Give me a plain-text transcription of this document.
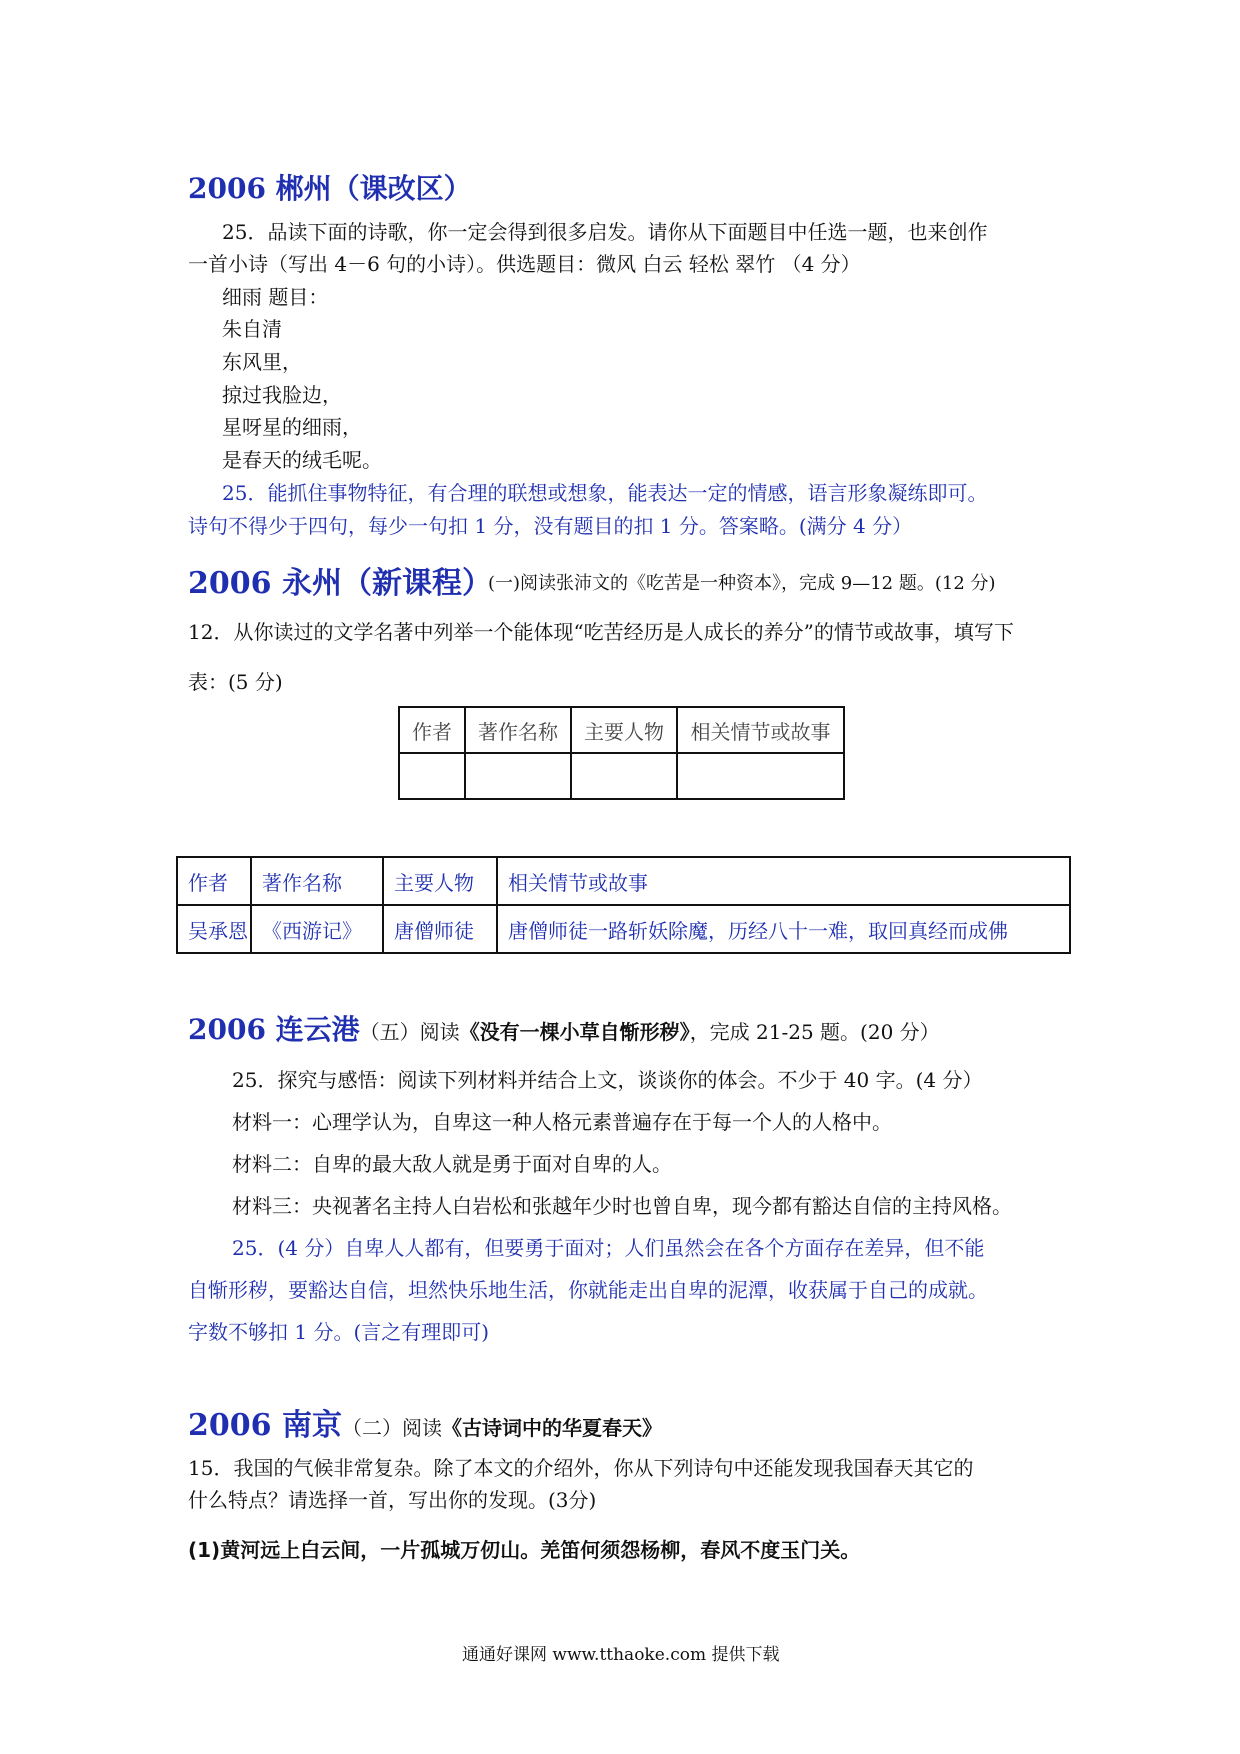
2006 郴州（课改区）
25．品读下面的诗歌，你一定会得到很多启发。请你从下面题目中任选一题，也来创作
一首小诗（写出 4－6 句的小诗）。供选题目：微风 白云 轻松 翠竹 （4 分）
细雨 题目：
朱自清
东风里，
掠过我脸边，
星呀星的细雨，
是春天的绒毛呢。
25．能抓住事物特征，有合理的联想或想象，能表达一定的情感，语言形象凝练即可。
诗句不得少于四句，每少一句扣 1 分，没有题目的扣 1 分。答案略。(满分 4 分）
2006 永州（新课程）
(一)阅读张沛文的《吃苦是一种资本》，完成 9—12 题。(12 分)
12．从你读过的文学名著中列举一个能体现“吃苦经历是人成长的养分”的情节或故事，填写下
表：(5 分)
作者	著作名称	主要人物	相关情节或故事

作者	著作名称	主要人物	相关情节或故事
吴承恩	《西游记》	唐僧师徒	唐僧师徒一路斩妖除魔，历经八十一难，取回真经而成佛
2006 连云港（五）阅读《没有一棵小草自惭形秽》，完成 21-25 题。(20 分）
25．探究与感悟：阅读下列材料并结合上文，谈谈你的体会。不少于 40 字。(4 分）
材料一：心理学认为，自卑这一种人格元素普遍存在于每一个人的人格中。
材料二：自卑的最大敌人就是勇于面对自卑的人。
材料三：央视著名主持人白岩松和张越年少时也曾自卑，现今都有豁达自信的主持风格。
25．(4 分）自卑人人都有，但要勇于面对；人们虽然会在各个方面存在差异，但不能
自惭形秽，要豁达自信，坦然快乐地生活，你就能走出自卑的泥潭，收获属于自己的成就。
字数不够扣 1 分。(言之有理即可)
2006 南京（二）阅读《古诗词中的华夏春天》
15．我国的气候非常复杂。除了本文的介绍外，你从下列诗句中还能发现我国春天其它的
什么特点？请选择一首，写出你的发现。(3分)
(1)黄河远上白云间，一片孤城万仞山。羌笛何须怨杨柳，春风不度玉门关。
通通好课网 www.tthaoke.com 提供下载
